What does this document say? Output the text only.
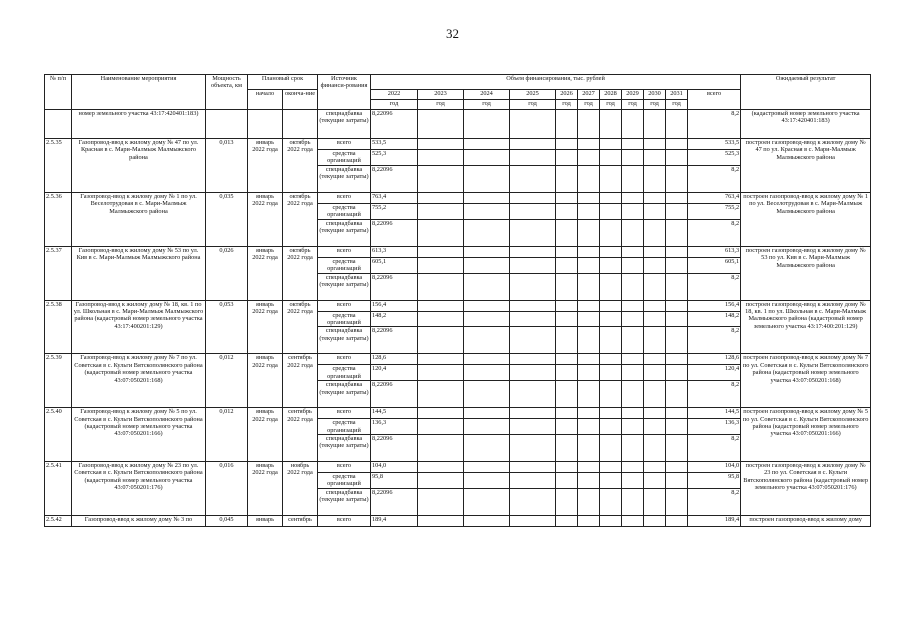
32
№ п/п	Наименование мероприятия	Мощность объекта, км	Плановый срок		Источник финанси-рования	Объем финансирования, тыс. рублей											Ожидаемый результат
			начало	оконча-ние		2022	2023	2024	2025	2026	2027	2028	2029	2030	2031	всего	
						год	год	год	год	год	год	год	год	год	год		
	номер земельного участка 43:17:420401:183)				спецнадбавка (текущие затраты)	8,22096										8,2	(кадастровый номер земельного участка 43:17:420401:183)
2.5.35	Газопровод-ввод к жилому дому № 47 по ул. Красная в с. Мари-Малмыж Малмыжского района	0,013	январь 2022 года	октябрь 2022 года	всего	533,5										533,5	построен газопровод-ввод к жилому дому № 47 по ул. Красная в с. Мари-Малмыж Малмыжского района
					средства организаций	525,3										525,3	
					спецнадбавка (текущие затраты)	8,22096										8,2	
2.5.36	Газопровод-ввод к жилому дому № 1 по ул. Веселотрудовая в с. Мари-Малмыж Малмыжского района	0,035	январь 2022 года	октябрь 2022 года	всего	763,4										763,4	построен газопровод-ввод к жилому дому № 1 по ул. Веселотрудовая в с. Мари-Малмыж Малмыжского района
					средства организаций	755,2										755,2	
					спецнадбавка (текущие затраты)	8,22096										8,2	
2.5.37	Газопровод-ввод к жилому дому № 53 по ул. Кив в с. Мари-Малмыж Малмыжского района	0,026	январь 2022 года	октябрь 2022 года	всего	613,3										613,3	построен газопровод-ввод к жилому дому № 53 по ул. Кив в с. Мари-Малмыж Малмыжского района
					средства организаций	605,1										605,1	
					спецнадбавка (текущие затраты)	8,22096										8,2	
2.5.38	Газопровод-ввод к жилому дому № 18, кв. 1 по ул. Школьная в с. Мари-Малмыж Малмыжского района (кадастровый номер земельного участка 43:17:400201:129)	0,053	январь 2022 года	октябрь 2022 года	всего	156,4										156,4	построен газопровод-ввод к жилому дому № 18, кв. 1 по ул. Школьная в с. Мари-Малмыж Малмыжского района (кадастровый номер земельного участка 43:17:400:201:129)
					средства организаций	148,2										148,2	
					спецнадбавка (текущие затраты)	8,22096										8,2	
2.5.39	Газопровод-ввод к жилому дому № 7 по ул. Советская в с. Кульги Вятскополянского района (кадастровый номер земельного участка 43:07:050201:168)	0,012	январь 2022 года	сентябрь 2022 года	всего	128,6										128,6	построен газопровод-ввод к жилому дому № 7 по ул. Советская в с. Кульги Вятскополянского района (кадастровый номер земельного участка 43:07:050201:168)
					средства организаций	120,4										120,4	
					спецнадбавка (текущие затраты)	8,22096										8,2	
2.5.40	Газопровод-ввод к жилому дому № 5 по ул. Советская в с. Кульги Вятскополянского района (кадастровый номер земельного участка 43:07:050201:166)	0,012	январь 2022 года	сентябрь 2022 года	всего	144,5										144,5	построен газопровод-ввод к жилому дому № 5 по ул. Советская в с. Кульги Вятскополянского района (кадастровый номер земельного участка 43:07:050201:166)
					средства организаций	136,3										136,3	
					спецнадбавка (текущие затраты)	8,22096										8,2	
2.5.41	Газопровод-ввод к жилому дому № 23 по ул. Советская в с. Кульги Вятскополянского района (кадастровый номер земельного участка 43:07:050201:176)	0,016	январь 2022 года	ноябрь 2022 года	всего	104,0										104,0	построен газопровод-ввод к жилому дому № 23 по ул. Советская в с. Кульги Вятскополянского района (кадастровый номер земельного участка 43:07:050201:176)
					средства организаций	95,8										95,8	
					спецнадбавка (текущие затраты)	8,22096										8,2	
2.5.42	Газопровод-ввод к жилому дому № 3 по	0,045	январь	сентябрь	всего	189,4										189,4	построен газопровод-ввод к жилому дому
